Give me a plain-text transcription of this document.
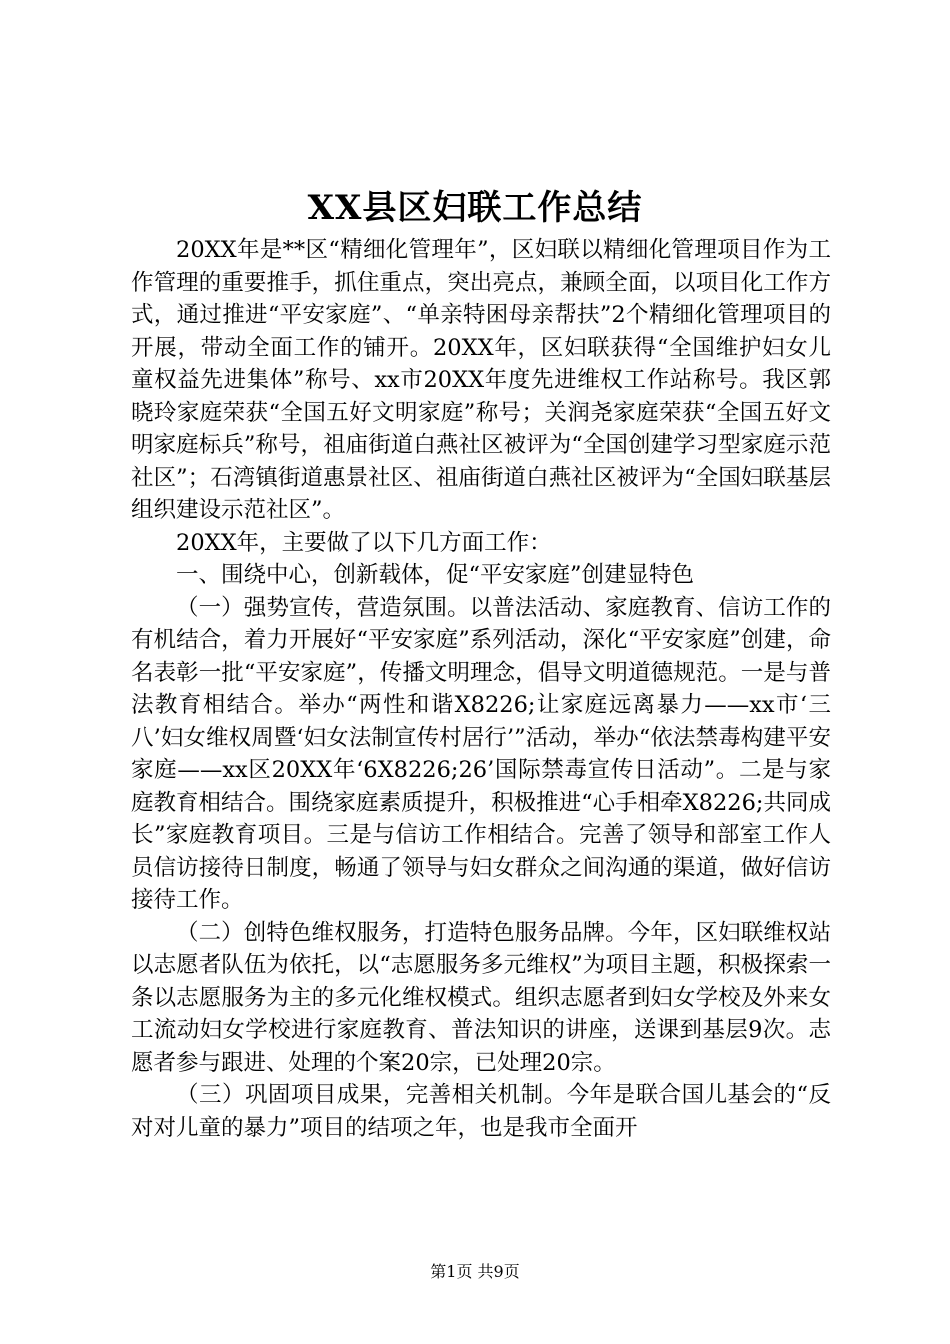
XX县区妇联工作总结

20XX年是**区“精细化管理年”，区妇联以精细化管理项目作为工作管理的重要推手，抓住重点，突出亮点，兼顾全面，以项目化工作方式，通过推进“平安家庭”、“单亲特困母亲帮扶”2个精细化管理项目的开展，带动全面工作的铺开。20XX年，区妇联获得“全国维护妇女儿童权益先进集体”称号、xx市20XX年度先进维权工作站称号。我区郭晓玲家庭荣获“全国五好文明家庭”称号；关润尧家庭荣获“全国五好文明家庭标兵”称号，祖庙街道白燕社区被评为“全国创建学习型家庭示范社区”；石湾镇街道惠景社区、祖庙街道白燕社区被评为“全国妇联基层组织建设示范社区”。

20XX年，主要做了以下几方面工作：

一、围绕中心，创新载体，促“平安家庭”创建显特色

（一）强势宣传，营造氛围。以普法活动、家庭教育、信访工作的有机结合，着力开展好“平安家庭”系列活动，深化“平安家庭”创建，命名表彰一批“平安家庭”，传播文明理念，倡导文明道德规范。一是与普法教育相结合。举办“两性和谐X8226;让家庭远离暴力——xx市‘三八’妇女维权周暨‘妇女法制宣传村居行’”活动，举办“依法禁毒构建平安家庭——xx区20XX年‘6X8226;26’国际禁毒宣传日活动”。二是与家庭教育相结合。围绕家庭素质提升，积极推进“心手相牵X8226;共同成长”家庭教育项目。三是与信访工作相结合。完善了领导和部室工作人员信访接待日制度，畅通了领导与妇女群众之间沟通的渠道，做好信访接待工作。

（二）创特色维权服务，打造特色服务品牌。今年，区妇联维权站以志愿者队伍为依托，以“志愿服务多元维权”为项目主题，积极探索一条以志愿服务为主的多元化维权模式。组织志愿者到妇女学校及外来女工流动妇女学校进行家庭教育、普法知识的讲座，送课到基层9次。志愿者参与跟进、处理的个案20宗，已处理20宗。

（三）巩固项目成果，完善相关机制。今年是联合国儿基会的“反对对儿童的暴力”项目的结项之年，也是我市全面开

第1页 共9页
